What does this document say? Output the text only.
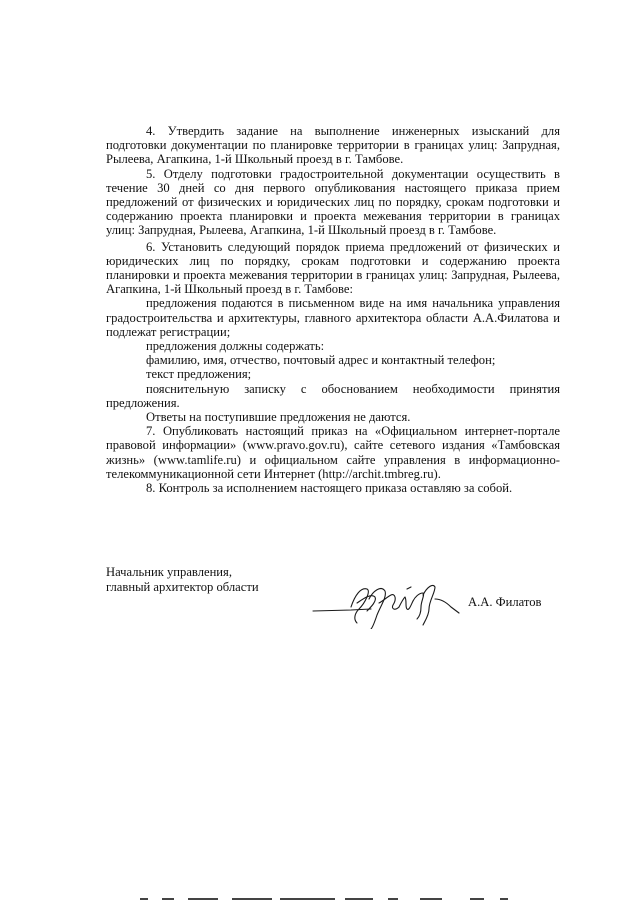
4. Утвердить задание на выполнение инженерных изысканий для подготовки документации по планировке территории в границах улиц: Запрудная, Рылеева, Агапкина, 1-й Школьный проезд в г. Тамбове.

5. Отделу подготовки градостроительной документации осуществить в течение 30 дней со дня первого опубликования настоящего приказа прием предложений от физических и юридических лиц по порядку, срокам подготовки и содержанию проекта планировки и проекта межевания территории в границах улиц: Запрудная, Рылеева, Агапкина, 1-й Школьный проезд в г. Тамбове.

6. Установить следующий порядок приема предложений от физических и юридических лиц по порядку, срокам подготовки и содержанию проекта планировки и проекта межевания территории в границах улиц: Запрудная, Рылеева, Агапкина, 1-й Школьный проезд в г. Тамбове:

предложения подаются в письменном виде на имя начальника управления градостроительства и архитектуры, главного архитектора области А.А.Филатова и подлежат регистрации;

предложения должны содержать:

фамилию, имя, отчество, почтовый адрес и контактный телефон;

текст предложения;

пояснительную записку с обоснованием необходимости принятия предложения.

Ответы на поступившие предложения не даются.

7. Опубликовать настоящий приказ на «Официальном интернет-портале правовой информации» (www.pravo.gov.ru), сайте сетевого издания «Тамбовская жизнь» (www.tamlife.ru) и официальном сайте управления в информационно-телекоммуникационной сети Интернет (http://archit.tmbreg.ru).

8. Контроль за исполнением настоящего приказа оставляю за собой.

Начальник управления,
главный архитектор области
А.А. Филатов
